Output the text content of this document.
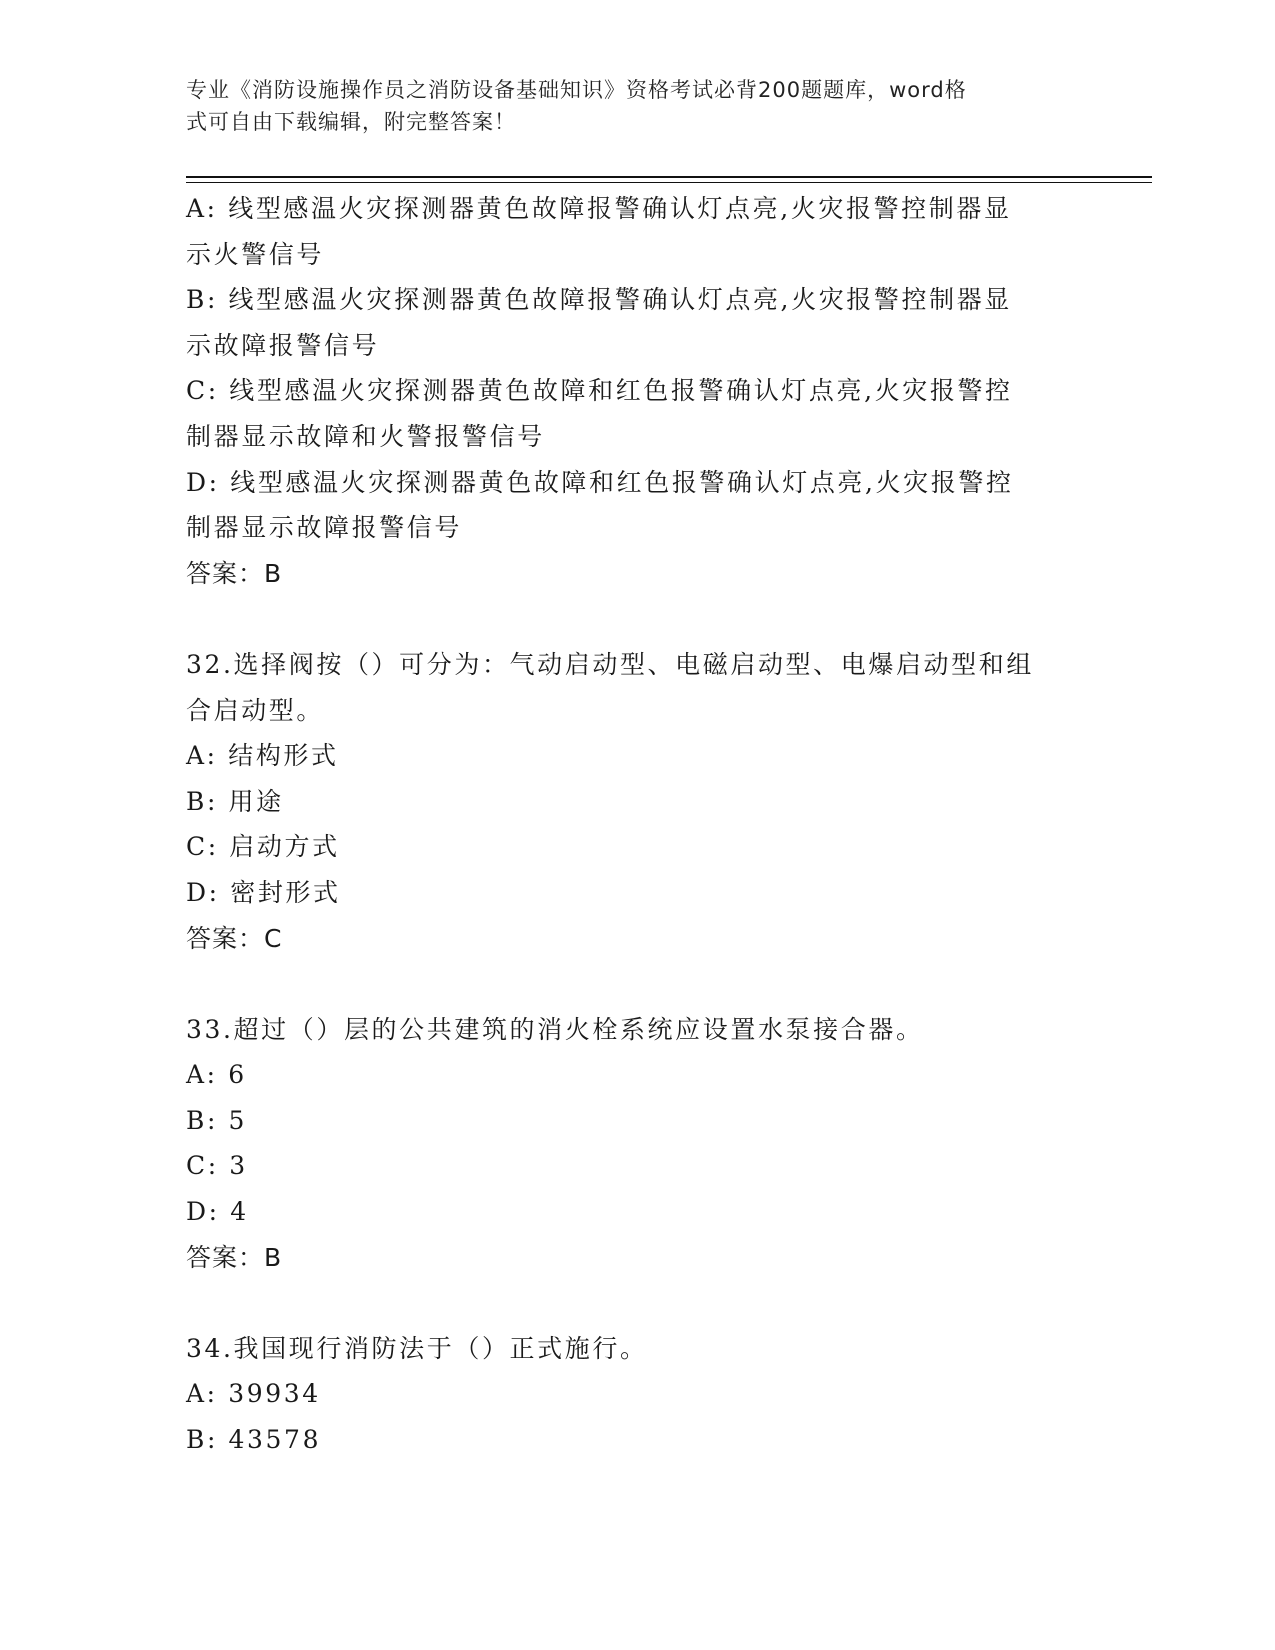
专业《消防设施操作员之消防设备基础知识》资格考试必背200题题库，word格
式可自由下载编辑，附完整答案！
A: 线型感温火灾探测器黄色故障报警确认灯点亮,火灾报警控制器显
示火警信号
B: 线型感温火灾探测器黄色故障报警确认灯点亮,火灾报警控制器显
示故障报警信号
C: 线型感温火灾探测器黄色故障和红色报警确认灯点亮,火灾报警控
制器显示故障和火警报警信号
D: 线型感温火灾探测器黄色故障和红色报警确认灯点亮,火灾报警控
制器显示故障报警信号
答案：B
32.选择阀按（）可分为：气动启动型、电磁启动型、电爆启动型和组
合启动型。
A: 结构形式
B: 用途
C: 启动方式
D: 密封形式
答案：C
33.超过（）层的公共建筑的消火栓系统应设置水泵接合器。
A: 6
B: 5
C: 3
D: 4
答案：B
34.我国现行消防法于（）正式施行。
A: 39934
B: 43578
